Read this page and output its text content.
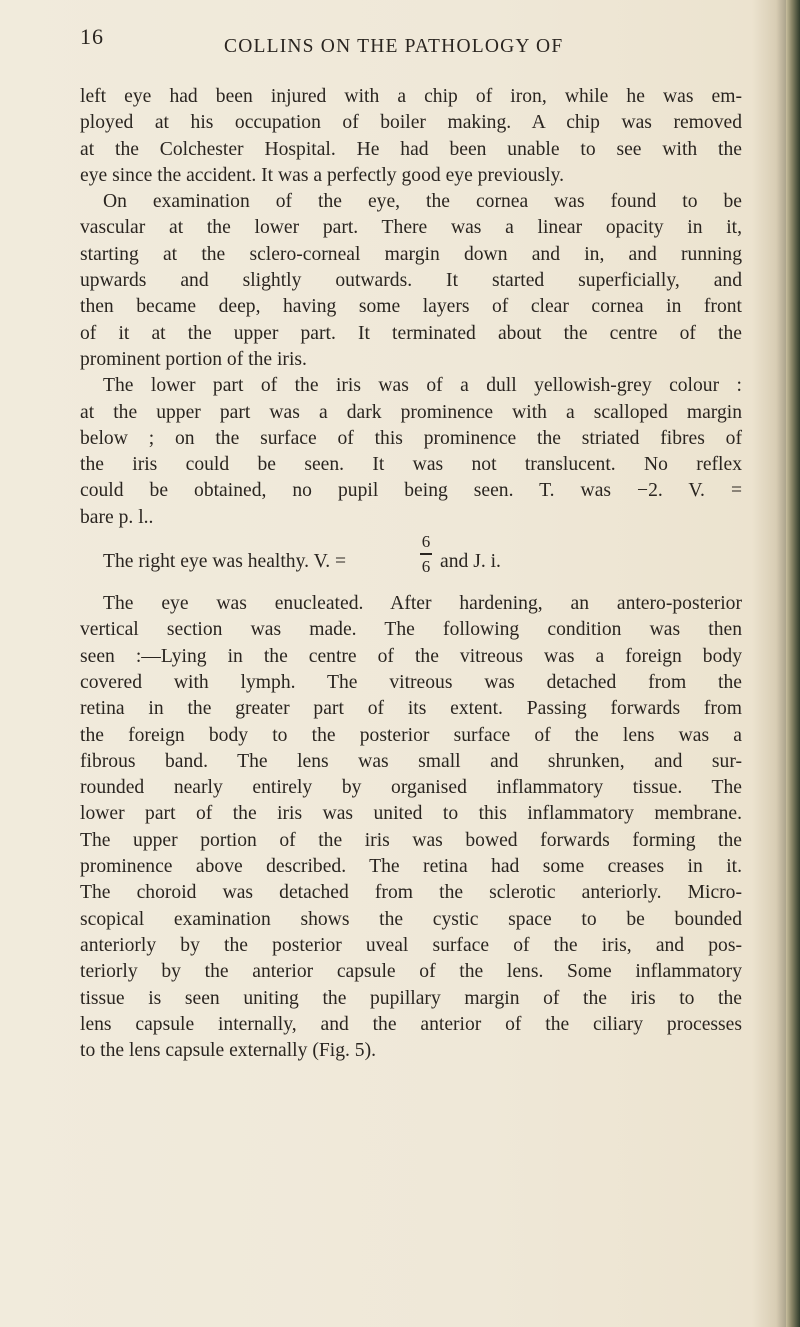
16	COLLINS ON THE PATHOLOGY OF
left eye had been injured with a chip of iron, while he was em-
ployed at his occupation of boiler making. A chip was removed
at the Colchester Hospital. He had been unable to see with the
eye since the accident. It was a perfectly good eye previously.
On examination of the eye, the cornea was found to be
vascular at the lower part. There was a linear opacity in it,
starting at the sclero-corneal margin down and in, and running
upwards and slightly outwards. It started superficially, and
then became deep, having some layers of clear cornea in front
of it at the upper part. It terminated about the centre of the
prominent portion of the iris.
The lower part of the iris was of a dull yellowish-grey colour :
at the upper part was a dark prominence with a scalloped margin
below ; on the surface of this prominence the striated fibres of
the iris could be seen. It was not translucent. No reflex
could be obtained, no pupil being seen. T. was −2. V. =
bare p. l..
The right eye was healthy. V. =
6
6 and J. i.
The eye was enucleated. After hardening, an antero-posterior
vertical section was made. The following condition was then
seen :—Lying in the centre of the vitreous was a foreign body
covered with lymph. The vitreous was detached from the
retina in the greater part of its extent. Passing forwards from
the foreign body to the posterior surface of the lens was a
fibrous band. The lens was small and shrunken, and sur-
rounded nearly entirely by organised inflammatory tissue. The
lower part of the iris was united to this inflammatory membrane.
The upper portion of the iris was bowed forwards forming the
prominence above described. The retina had some creases in it.
The choroid was detached from the sclerotic anteriorly. Micro-
scopical examination shows the cystic space to be bounded
anteriorly by the posterior uveal surface of the iris, and pos-
teriorly by the anterior capsule of the lens. Some inflammatory
tissue is seen uniting the pupillary margin of the iris to the
lens capsule internally, and the anterior of the ciliary processes
to the lens capsule externally (Fig. 5).
